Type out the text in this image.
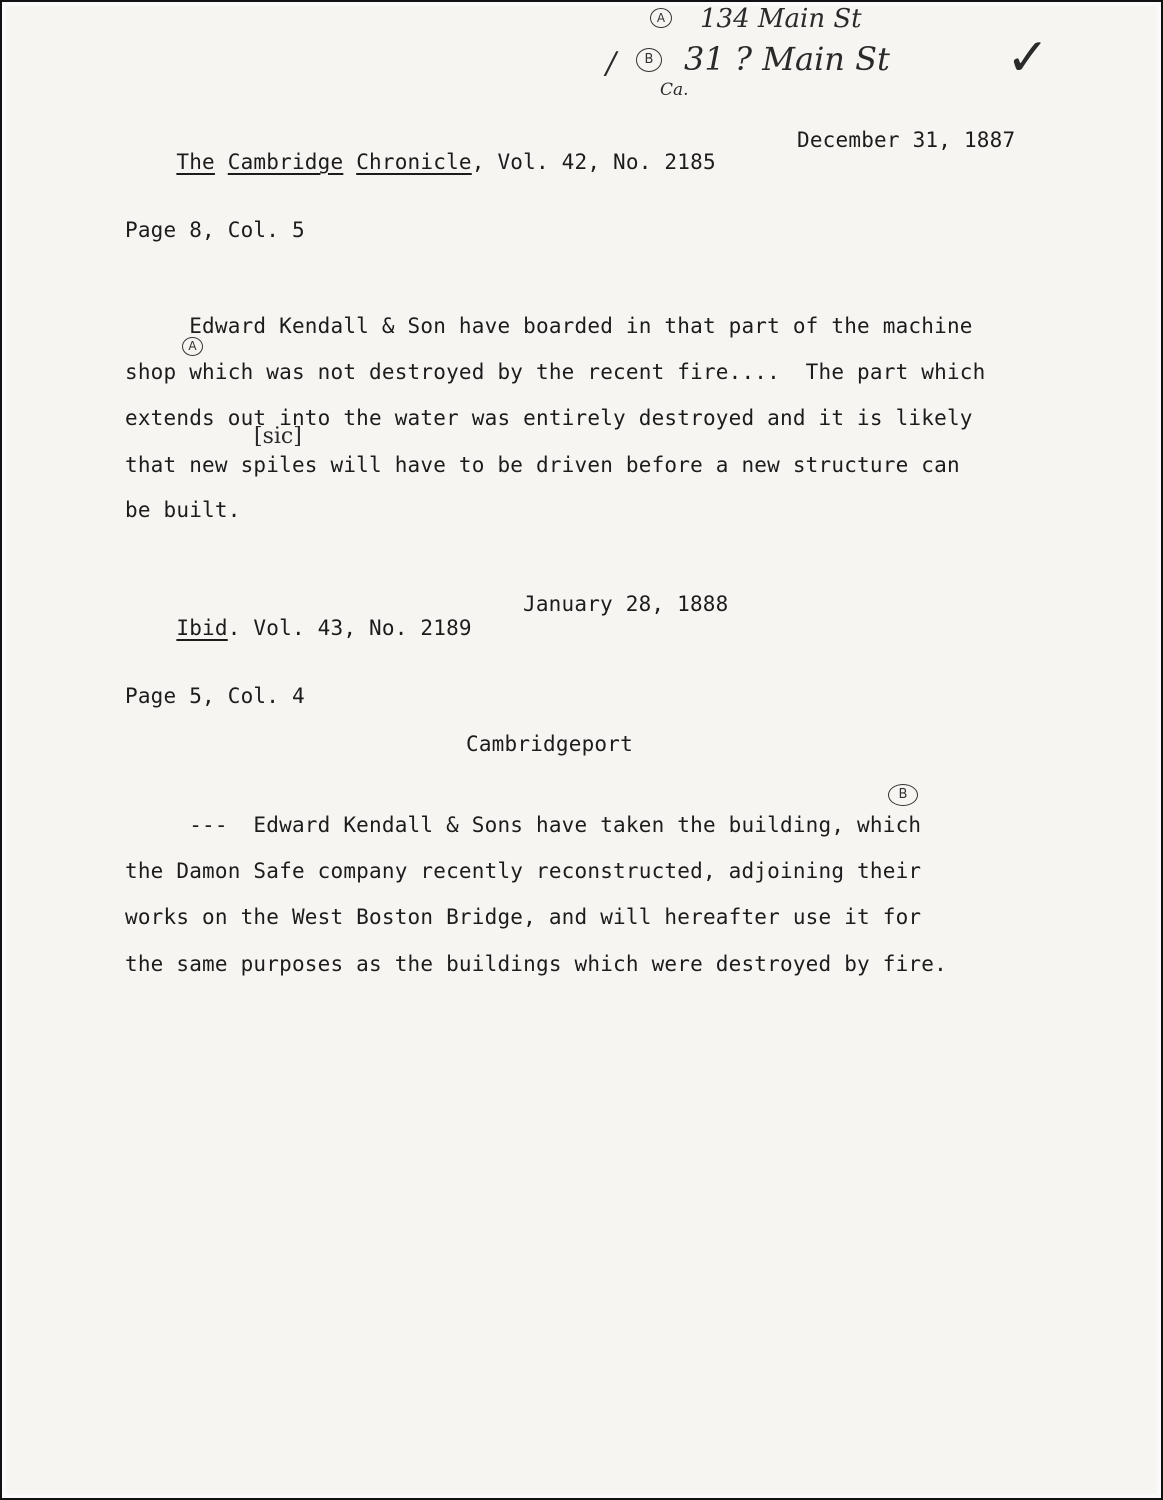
A 134 Main St
/	B 31 ? Main St
Ca.
✓

The Cambridge Chronicle, Vol. 42, No. 2185

December 31, 1887
Page 8, Col. 5
A
Edward Kendall & Son have boarded in that part of the machine
shop which was not destroyed by the recent fire....  The part which
extends out into the water was entirely destroyed and it is likely
[sic]
that new spiles will have to be driven before a new structure can
be built.

Ibid. Vol. 43, No. 2189

January 28, 1888
Page 5, Col. 4
Cambridgeport
B
---  Edward Kendall & Sons have taken the building, which
the Damon Safe company recently reconstructed, adjoining their
works on the West Boston Bridge, and will hereafter use it for
the same purposes as the buildings which were destroyed by fire.
